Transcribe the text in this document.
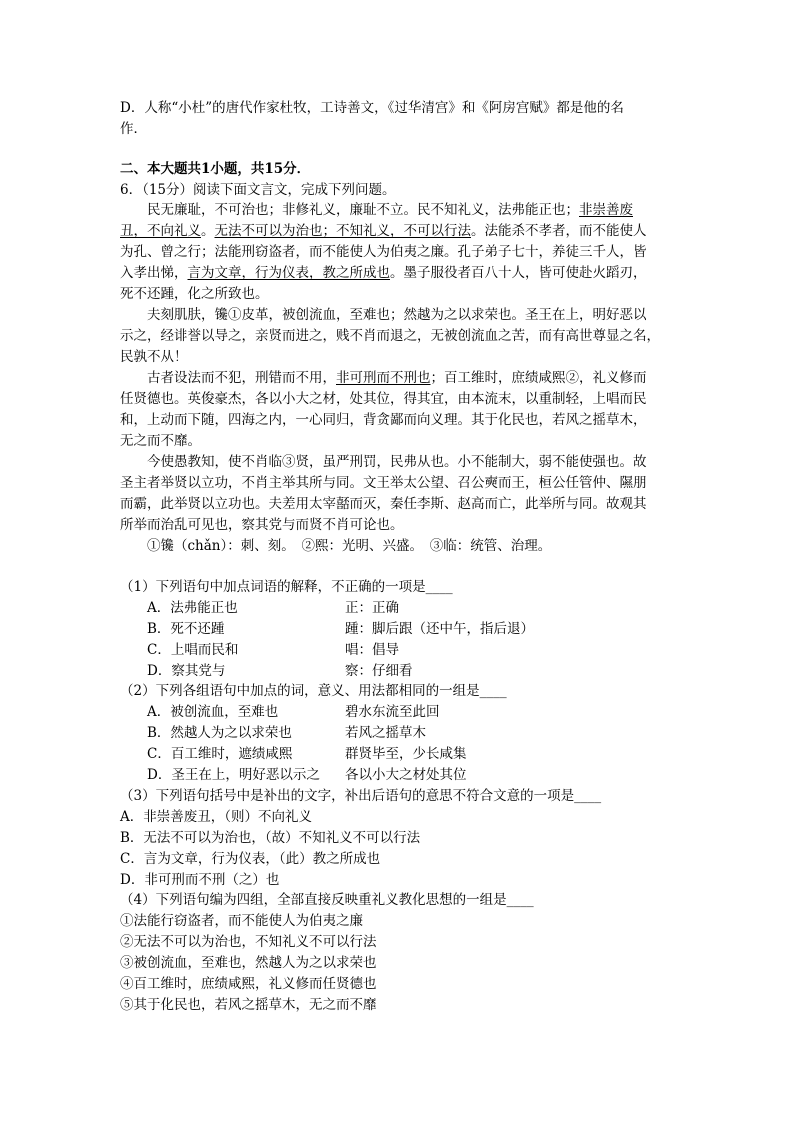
D．人称“小杜”的唐代作家杜牧，工诗善文，《过华清宫》和《阿房宫赋》都是他的名
作．
二、本大题共1小题，共15分．
6．（15分）阅读下面文言文，完成下列问题。
民无廉耻，不可治也；非修礼义，廉耻不立。民不知礼义，法弗能正也；非崇善废
丑，不向礼义。无法不可以为治也；不知礼义，不可以行法。法能杀不孝者，而不能使人
为孔、曾之行；法能刑窃盗者，而不能使人为伯夷之廉。孔子弟子七十，养徒三千人，皆
入孝出悌，言为文章，行为仪表，教之所成也。墨子服役者百八十人，皆可使赴火蹈刃，
死不还踵，化之所致也。
夫刻肌肤，镵①皮革，被创流血，至难也；然越为之以求荣也。圣王在上，明好恶以
示之，经诽誉以导之，亲贤而进之，贱不肖而退之，无被创流血之苦，而有高世尊显之名，
民孰不从！
古者设法而不犯，刑错而不用，非可刑而不刑也；百工维时，庶绩咸熙②，礼义修而
任贤德也。英俊豪杰，各以小大之材，处其位，得其宜，由本流末，以重制轻，上唱而民
和，上动而下随，四海之内，一心同归，背贪鄙而向义理。其于化民也，若风之摇草木，
无之而不靡。
今使愚教知，使不肖临③贤，虽严刑罚，民弗从也。小不能制大，弱不能使强也。故
圣主者举贤以立功，不肖主举其所与同。文王举太公望、召公奭而王，桓公任管仲、隰朋
而霸，此举贤以立功也。夫差用太宰嚭而灭，秦任李斯、赵高而亡，此举所与同。故观其
所举而治乱可见也，察其党与而贤不肖可论也。
①镵（chǎn）：刺、刻。　②熙：光明、兴盛。　③临：统管、治理。
（1）下列语句中加点词语的解释，不正确的一项是____
A．法弗能正也	正：正确
B．死不还踵	踵：脚后跟（还中午，指后退）
C．上唱而民和	唱：倡导
D．察其党与	察：仔细看
（2）下列各组语句中加点的词，意义、用法都相同的一组是____
A．被创流血，至难也	碧水东流至此回
B．然越人为之以求荣也	若风之摇草木
C．百工维时，遮绩咸熙	群贤毕至，少长咸集
D．圣王在上，明好恶以示之 各以小大之材处其位
（3）下列语句括号中是补出的文字，补出后语句的意思不符合文意的一项是____
A．非崇善废丑，（则）不向礼义
B．无法不可以为治也，（故）不知礼义不可以行法
C．言为文章，行为仪表，（此）教之所成也
D．非可刑而不刑（之）也
（4）下列语句编为四组，全部直接反映重礼义教化思想的一组是____
①法能行窃盗者，而不能使人为伯夷之廉
②无法不可以为治也，不知礼义不可以行法
③被创流血，至难也，然越人为之以求荣也
④百工维时，庶绩咸熙，礼义修而任贤德也
⑤其于化民也，若风之摇草木，无之而不靡
